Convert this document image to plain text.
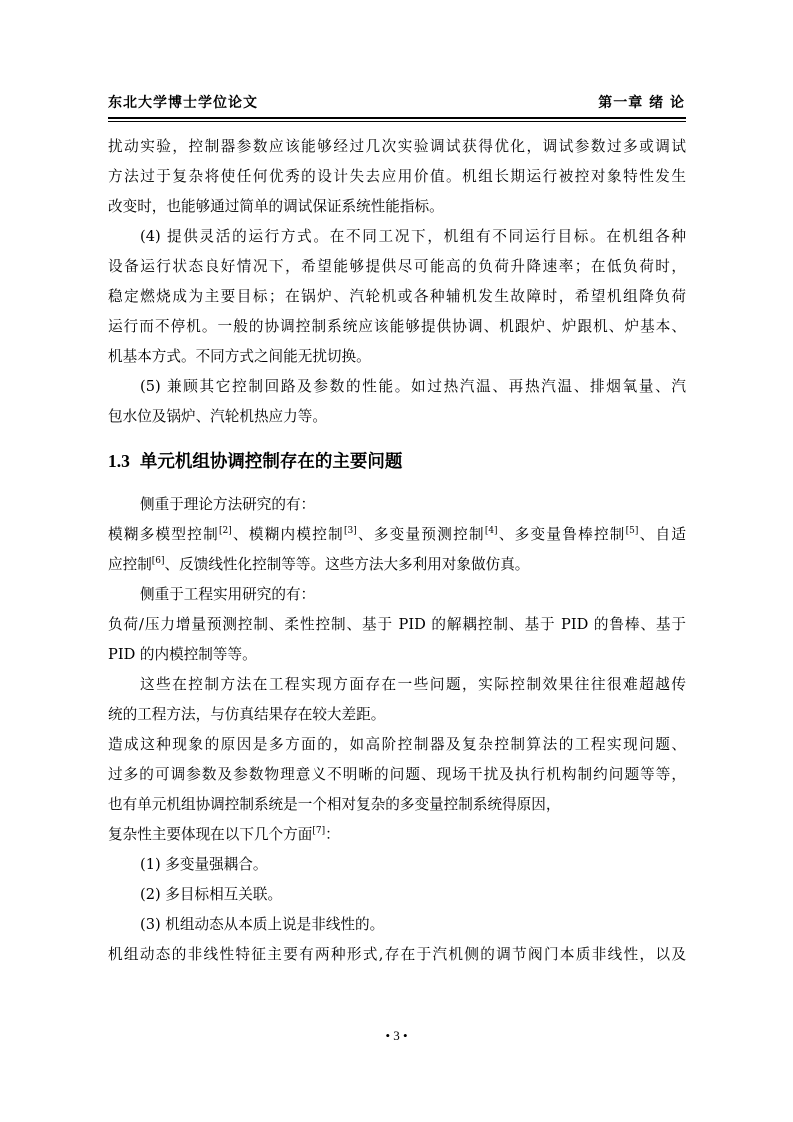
东北大学博士学位论文	第一章 绪 论
扰动实验，控制器参数应该能够经过几次实验调试获得优化，调试参数过多或调试
方法过于复杂将使任何优秀的设计失去应用价值。机组长期运行被控对象特性发生
改变时，也能够通过简单的调试保证系统性能指标。
(4) 提供灵活的运行方式。在不同工况下，机组有不同运行目标。在机组各种
设备运行状态良好情况下，希望能够提供尽可能高的负荷升降速率；在低负荷时，
稳定燃烧成为主要目标；在锅炉、汽轮机或各种辅机发生故障时，希望机组降负荷
运行而不停机。一般的协调控制系统应该能够提供协调、机跟炉、炉跟机、炉基本、
机基本方式。不同方式之间能无扰切换。
(5) 兼顾其它控制回路及参数的性能。如过热汽温、再热汽温、排烟氧量、汽
包水位及锅炉、汽轮机热应力等。
1.3 单元机组协调控制存在的主要问题
侧重于理论方法研究的有：
模糊多模型控制[2]、模糊内模控制[3]、多变量预测控制[4]、多变量鲁棒控制[5]、自适
应控制[6]、反馈线性化控制等等。这些方法大多利用对象做仿真。
侧重于工程实用研究的有：
负荷/压力增量预测控制、柔性控制、基于 PID 的解耦控制、基于 PID 的鲁棒、基于
PID 的内模控制等等。
这些在控制方法在工程实现方面存在一些问题，实际控制效果往往很难超越传
统的工程方法，与仿真结果存在较大差距。
造成这种现象的原因是多方面的，如高阶控制器及复杂控制算法的工程实现问题、
过多的可调参数及参数物理意义不明晰的问题、现场干扰及执行机构制约问题等等，
也有单元机组协调控制系统是一个相对复杂的多变量控制系统得原因，
复杂性主要体现在以下几个方面[7]：
(1) 多变量强耦合。
(2) 多目标相互关联。
(3) 机组动态从本质上说是非线性的。
机组动态的非线性特征主要有两种形式,存在于汽机侧的调节阀门本质非线性，以及
• 3 •
